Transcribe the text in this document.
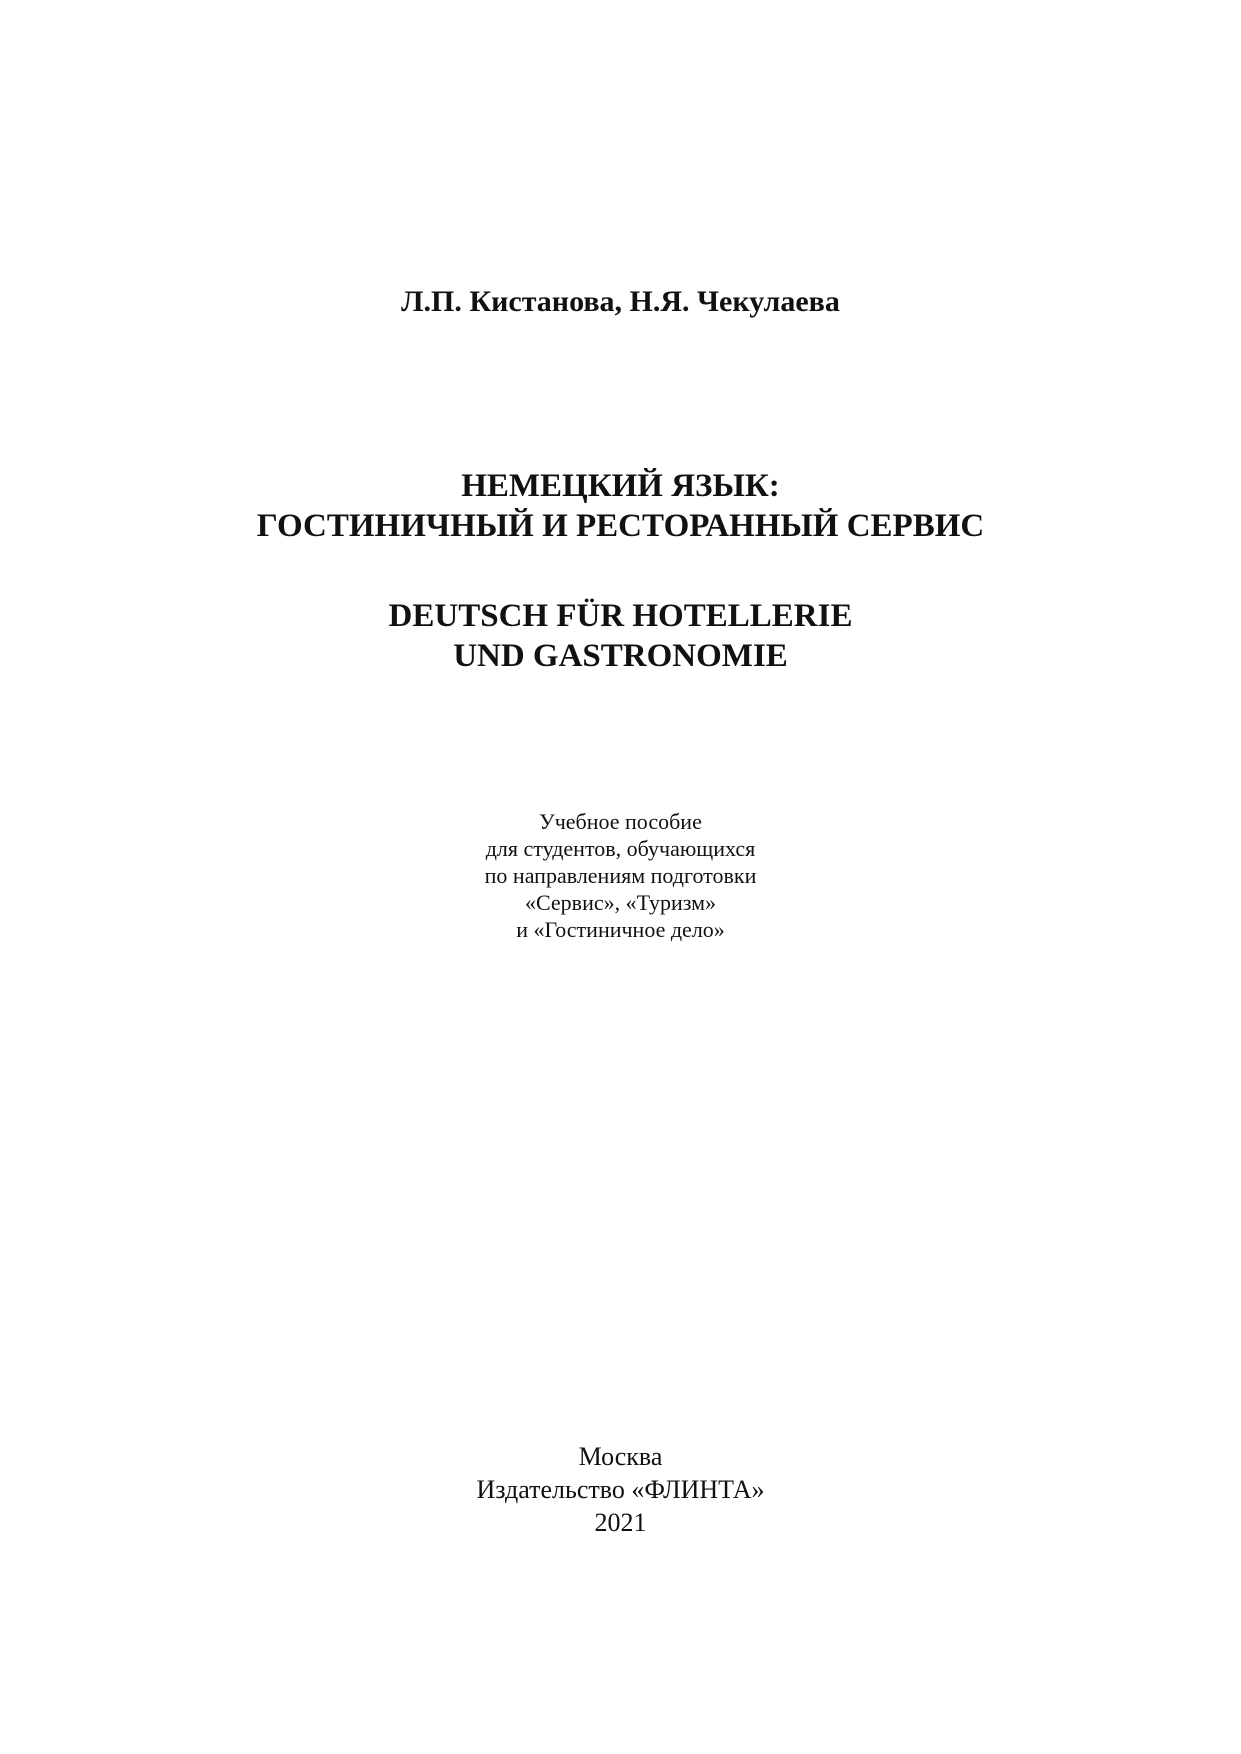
Л.П. Кистанова, Н.Я. Чекулаева

НЕМЕЦКИЙ ЯЗЫК:
ГОСТИНИЧНЫЙ И РЕСТОРАННЫЙ СЕРВИС
DEUTSCH FÜR HOTELLERIE
UND GASTRONOMIE
Учебное пособие
для студентов, обучающихся
по направлениям подготовки
«Сервис», «Туризм»
и «Гостиничное дело»
Москва
Издательство «ФЛИНТА»
2021
